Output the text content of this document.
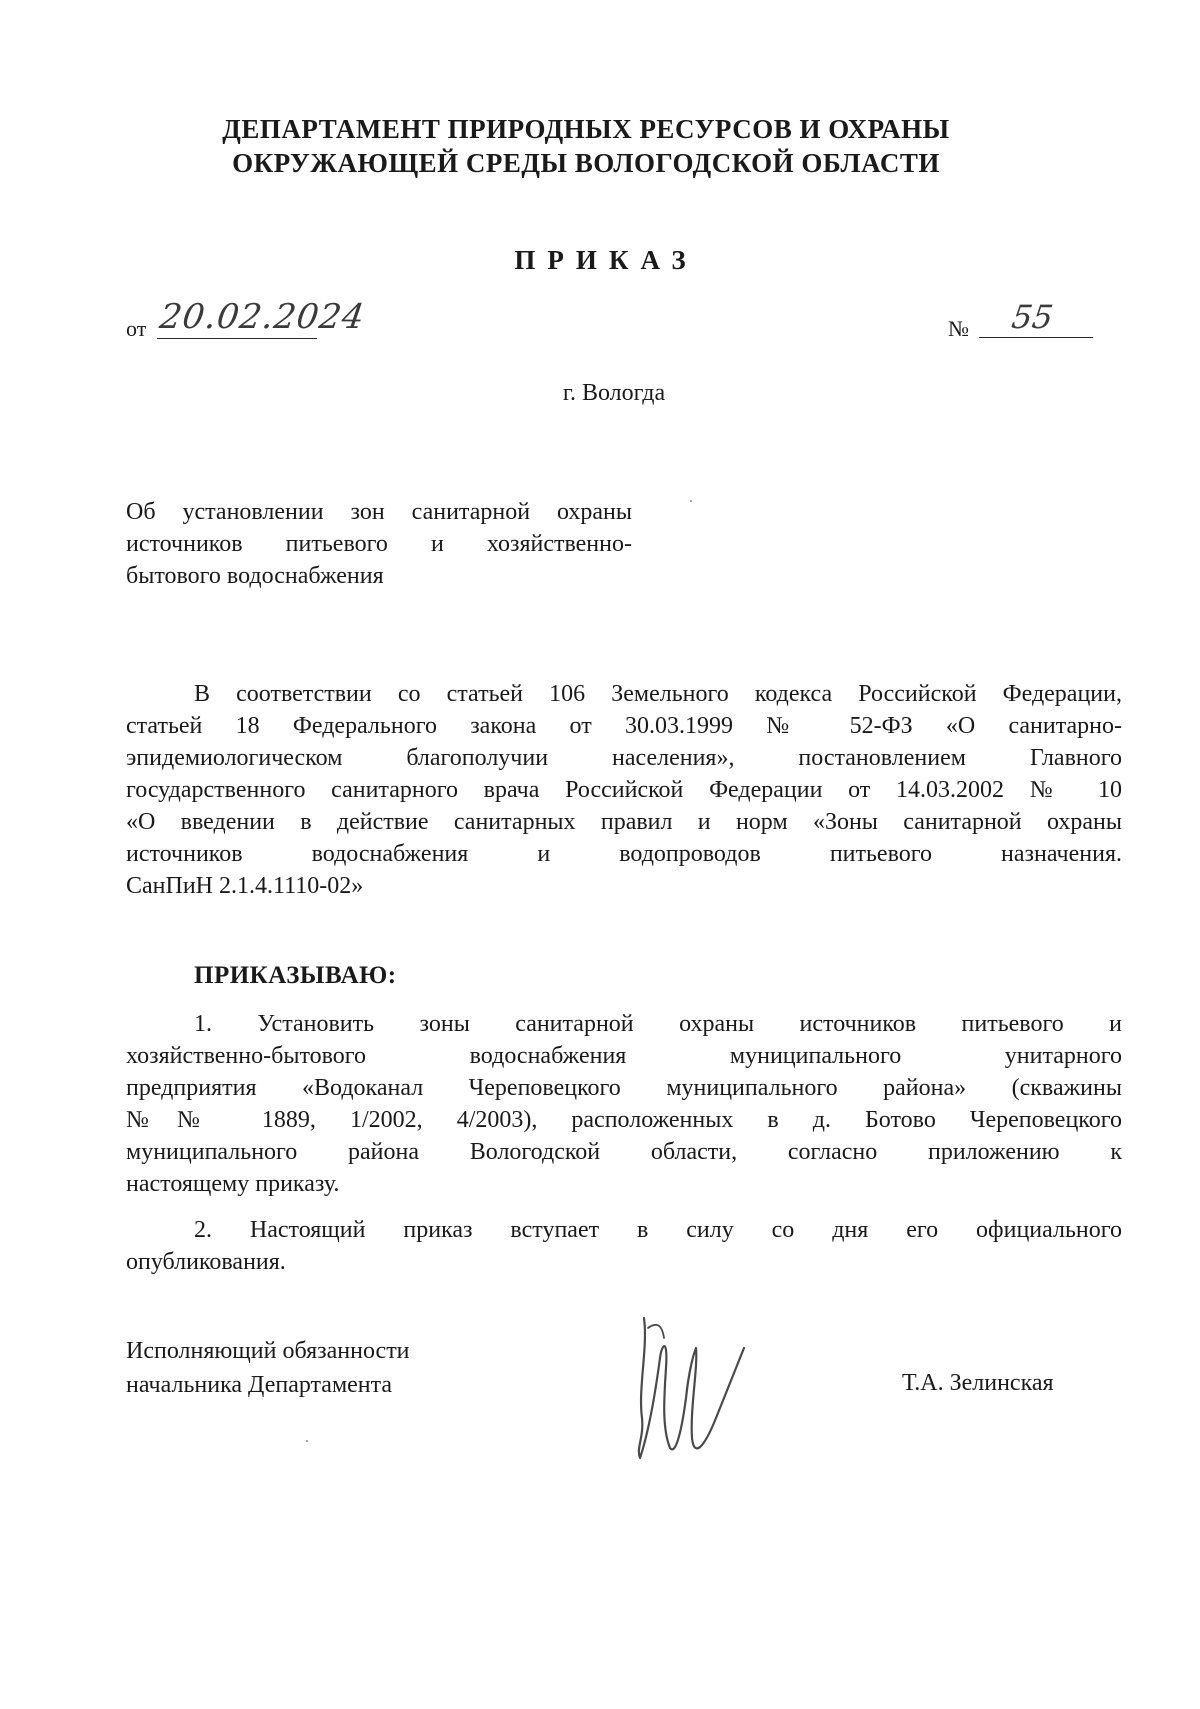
ДЕПАРТАМЕНТ ПРИРОДНЫХ РЕСУРСОВ И ОХРАНЫ
ОКРУЖАЮЩЕЙ СРЕДЫ ВОЛОГОДСКОЙ ОБЛАСТИ
ПРИКАЗ
от 20.02.2024	№	55
г. Вологда
Об установлении зон санитарной охраны
источников питьевого и хозяйственно-
бытового водоснабжения
В соответствии со статьей 106 Земельного кодекса Российской Федерации,
статьей 18 Федерального закона от 30.03.1999 № 52-ФЗ «О санитарно-
эпидемиологическом благополучии населения», постановлением Главного
государственного санитарного врача Российской Федерации от 14.03.2002 № 10
«О введении в действие санитарных правил и норм «Зоны санитарной охраны
источников водоснабжения и водопроводов питьевого назначения.
СанПиН 2.1.4.1110-02»
ПРИКАЗЫВАЮ:
1. Установить зоны санитарной охраны источников питьевого и
хозяйственно-бытового водоснабжения муниципального унитарного
предприятия «Водоканал Череповецкого муниципального района» (скважины
№№ 1889, 1/2002, 4/2003), расположенных в д. Ботово Череповецкого
муниципального района Вологодской области, согласно приложению к
настоящему приказу.
2. Настоящий приказ вступает в силу со дня его официального
опубликования.
Исполняющий обязанности
начальника Департамента	Т.А. Зелинская
